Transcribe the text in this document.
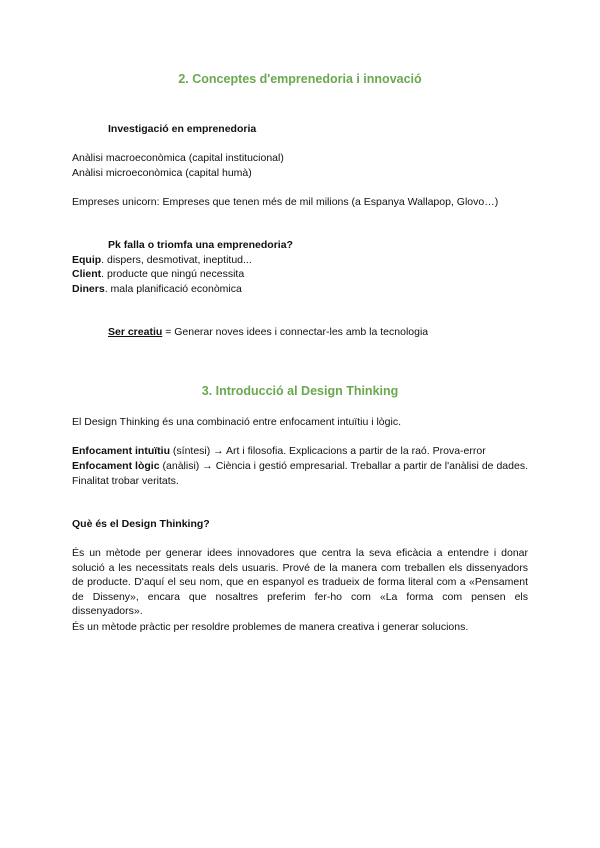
2. Conceptes d'emprenedoria i innovació
Investigació en emprenedoria
Anàlisi macroeconòmica (capital institucional)
Anàlisi microeconòmica (capital humà)
Empreses unicorn: Empreses que tenen més de mil milions (a Espanya Wallapop, Glovo…)
Pk falla o triomfa una emprenedoria?
Equip. dispers, desmotivat, ineptitud...
Client. producte que ningú necessita
Diners. mala planificació econòmica
Ser creatiu = Generar noves idees i connectar-les amb la tecnologia
3. Introducció al Design Thinking
El Design Thinking és una combinació entre enfocament intuïtiu i lògic.
Enfocament intuïtiu (síntesi) → Art i filosofia. Explicacions a partir de la raó. Prova-error
Enfocament lògic (anàlisi) → Ciència i gestió empresarial. Treballar a partir de l'anàlisi de dades. Finalitat trobar veritats.
Què és el Design Thinking?
És un mètode per generar idees innovadores que centra la seva eficàcia a entendre i donar solució a les necessitats reals dels usuaris. Prové de la manera com treballen els dissenyadors de producte. D'aquí el seu nom, que en espanyol es tradueix de forma literal com a «Pensament de Disseny», encara que nosaltres preferim fer-ho com «La forma com pensen els dissenyadors».
És un mètode pràctic per resoldre problemes de manera creativa i generar solucions.
